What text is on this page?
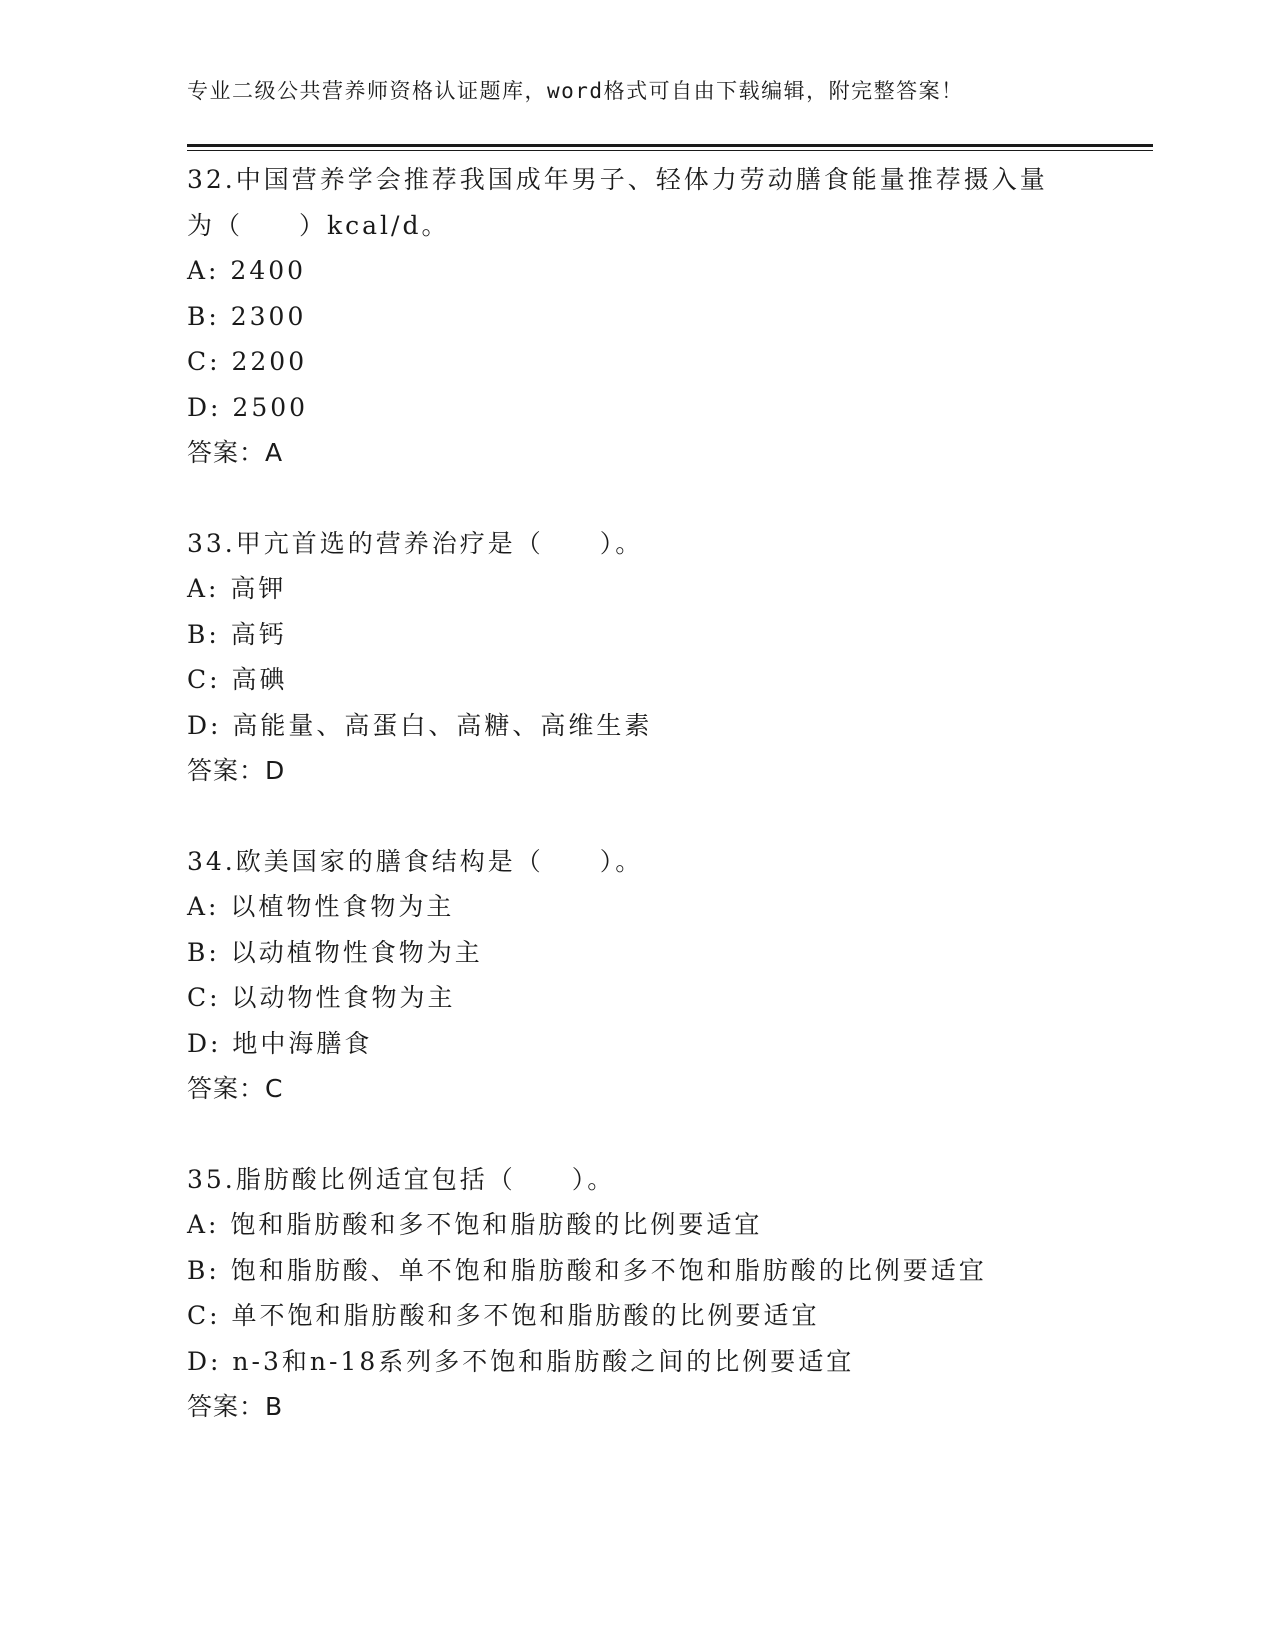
专业二级公共营养师资格认证题库，word格式可自由下载编辑，附完整答案！
32.中国营养学会推荐我国成年男子、轻体力劳动膳食能量推荐摄入量
为（　　）kcal/d。
A: 2400
B: 2300
C: 2200
D: 2500
答案：A
33.甲亢首选的营养治疗是（　　）。
A: 高钾
B: 高钙
C: 高碘
D: 高能量、高蛋白、高糖、高维生素
答案：D
34.欧美国家的膳食结构是（　　）。
A: 以植物性食物为主
B: 以动植物性食物为主
C: 以动物性食物为主
D: 地中海膳食
答案：C
35.脂肪酸比例适宜包括（　　）。
A: 饱和脂肪酸和多不饱和脂肪酸的比例要适宜
B: 饱和脂肪酸、单不饱和脂肪酸和多不饱和脂肪酸的比例要适宜
C: 单不饱和脂肪酸和多不饱和脂肪酸的比例要适宜
D: n-3和n-18系列多不饱和脂肪酸之间的比例要适宜
答案：B
